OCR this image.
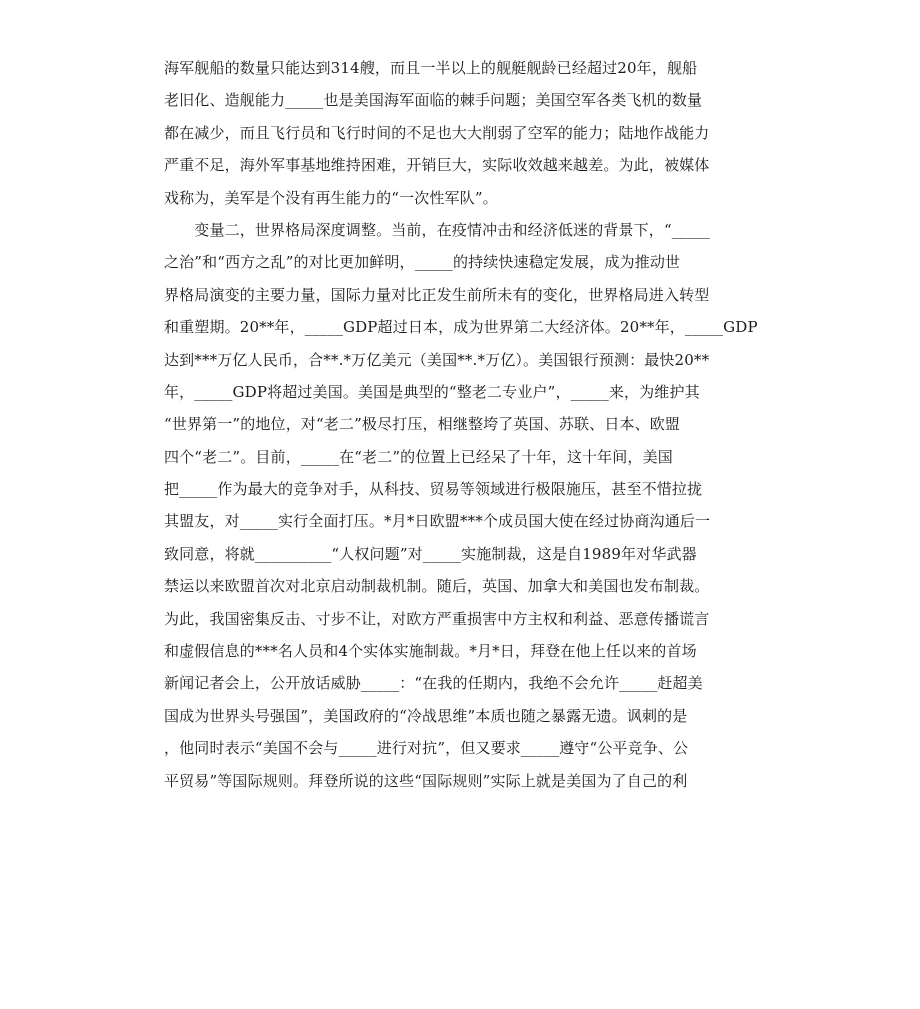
海军舰船的数量只能达到314艘，而且一半以上的舰艇舰龄已经超过20年，舰船
老旧化、造舰能力_____也是美国海军面临的棘手问题；美国空军各类飞机的数量
都在减少，而且飞行员和飞行时间的不足也大大削弱了空军的能力；陆地作战能力
严重不足，海外军事基地维持困难，开销巨大，实际收效越来越差。为此，被媒体
戏称为，美军是个没有再生能力的“一次性军队”。
　　变量二，世界格局深度调整。当前，在疫情冲击和经济低迷的背景下，“_____
之治”和“西方之乱”的对比更加鲜明，_____的持续快速稳定发展，成为推动世
界格局演变的主要力量，国际力量对比正发生前所未有的变化，世界格局进入转型
和重塑期。20**年，_____GDP超过日本，成为世界第二大经济体。20**年，_____GDP
达到***万亿人民币，合**.*万亿美元（美国**.*万亿）。美国银行预测：最快20**
年，_____GDP将超过美国。美国是典型的“整老二专业户”，_____来，为维护其
“世界第一”的地位，对“老二”极尽打压，相继整垮了英国、苏联、日本、欧盟
四个“老二”。目前，_____在“老二”的位置上已经呆了十年，这十年间，美国
把_____作为最大的竞争对手，从科技、贸易等领域进行极限施压，甚至不惜拉拢
其盟友，对_____实行全面打压。*月*日欧盟***个成员国大使在经过协商沟通后一
致同意，将就__________“人权问题”对_____实施制裁，这是自1989年对华武器
禁运以来欧盟首次对北京启动制裁机制。随后，英国、加拿大和美国也发布制裁。
为此，我国密集反击、寸步不让，对欧方严重损害中方主权和利益、恶意传播谎言
和虚假信息的***名人员和4个实体实施制裁。*月*日，拜登在他上任以来的首场
新闻记者会上，公开放话威胁_____：“在我的任期内，我绝不会允许_____赶超美
国成为世界头号强国”，美国政府的“冷战思维”本质也随之暴露无遗。讽刺的是
，他同时表示“美国不会与_____进行对抗”，但又要求_____遵守“公平竞争、公
平贸易”等国际规则。拜登所说的这些“国际规则”实际上就是美国为了自己的利
